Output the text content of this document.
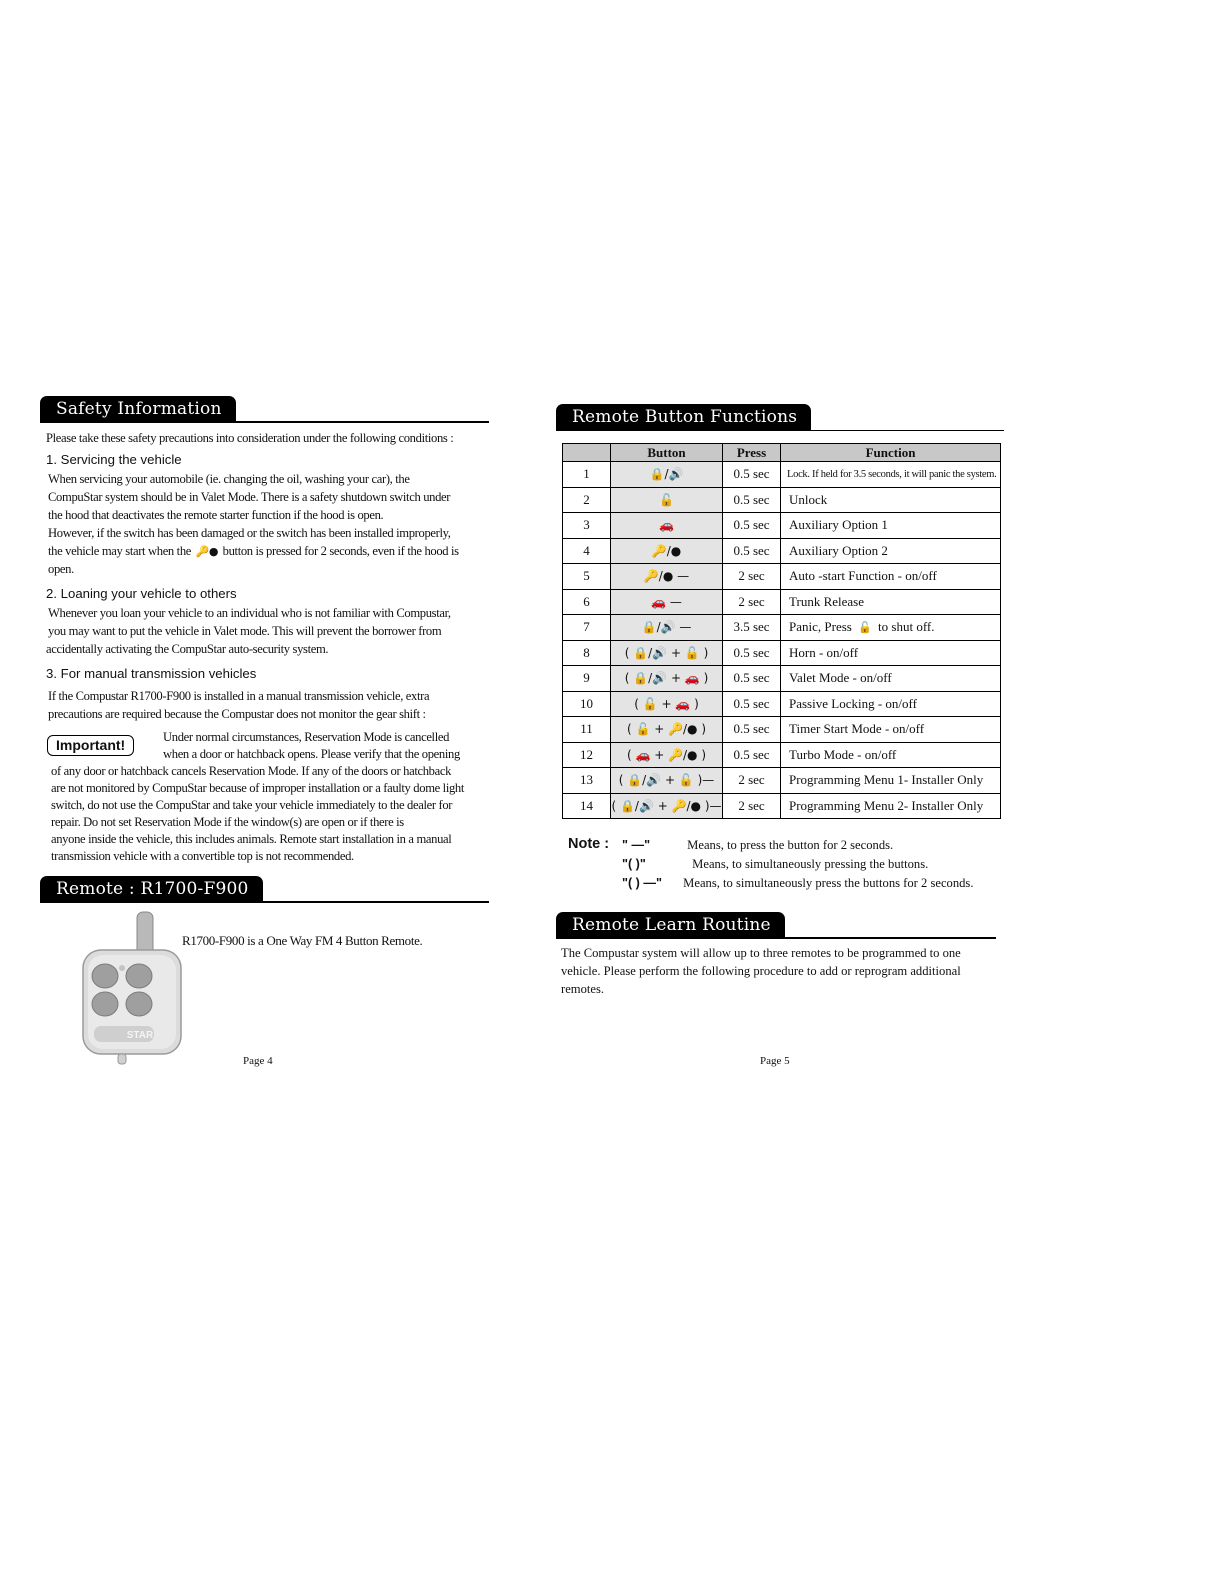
Safety Information
Please take these safety precautions into consideration under the following conditions :
1. Servicing the vehicle
When servicing your automobile (ie. changing the oil, washing your car), the
CompuStar system should be in Valet Mode. There is a safety shutdown switch under
the hood that deactivates the remote starter function if the hood is open.
However, if the switch has been damaged or the switch has been installed improperly,
the vehicle may start when the 🔑● button is pressed for 2 seconds, even if the hood is
open.
2. Loaning your vehicle to others
Whenever you loan your vehicle to an individual who is not familiar with Compustar,
you may want to put the vehicle in Valet mode. This will prevent the borrower from
accidentally activating the CompuStar auto-security system.
3. For manual transmission vehicles
If the Compustar R1700-F900 is installed in a manual transmission vehicle, extra
precautions are required because the Compustar does not monitor the gear shift :
Important!	Under normal circumstances, Reservation Mode is cancelled
when a door or hatchback opens. Please verify that the opening
of any door or hatchback cancels Reservation Mode. If any of the doors or hatchback
are not monitored by CompuStar because of improper installation or a faulty dome light
switch, do not use the CompuStar and take your vehicle immediately to the dealer for
repair. Do not set Reservation Mode if the window(s) are open or if there is
anyone inside the vehicle, this includes animals. Remote start installation in a manual
transmission vehicle with a convertible top is not recommended.
Remote : R1700-F900
STAR
R1700-F900 is a One Way FM 4 Button Remote.
Page 4
Remote Button Functions
	Button	Press	Function
1	🔒/🔊	0.5 sec	Lock. If held for 3.5 seconds, it will panic the system.
2	🔓	0.5 sec	Unlock
3	🚗	0.5 sec	Auxiliary Option 1
4	🔑/●	0.5 sec	Auxiliary Option 2
5	🔑/● —	2 sec	Auto -start Function - on/off
6	🚗 —	2 sec	Trunk Release
7	🔒/🔊 —	3.5 sec	Panic, Press 🔓 to shut off.
8	( 🔒/🔊 + 🔓 )	0.5 sec	Horn - on/off
9	( 🔒/🔊 + 🚗 )	0.5 sec	Valet Mode - on/off
10	( 🔓 + 🚗 )	0.5 sec	Passive Locking - on/off
11	( 🔓 + 🔑/● )	0.5 sec	Timer Start Mode - on/off
12	( 🚗 + 🔑/● )	0.5 sec	Turbo Mode - on/off
13	( 🔒/🔊 + 🔓 )—	2 sec	Programming Menu 1- Installer Only
14	( 🔒/🔊 + 🔑/● )—	2 sec	Programming Menu 2- Installer Only
Note : " —"	Means, to press the button for 2 seconds.
"( )"	Means, to simultaneously pressing the buttons.
"( ) —" Means, to simultaneously press the buttons for 2 seconds.
Remote Learn Routine
The Compustar system will allow up to three remotes to be programmed to one
vehicle. Please perform the following procedure to add or reprogram additional
remotes.
Page 5
